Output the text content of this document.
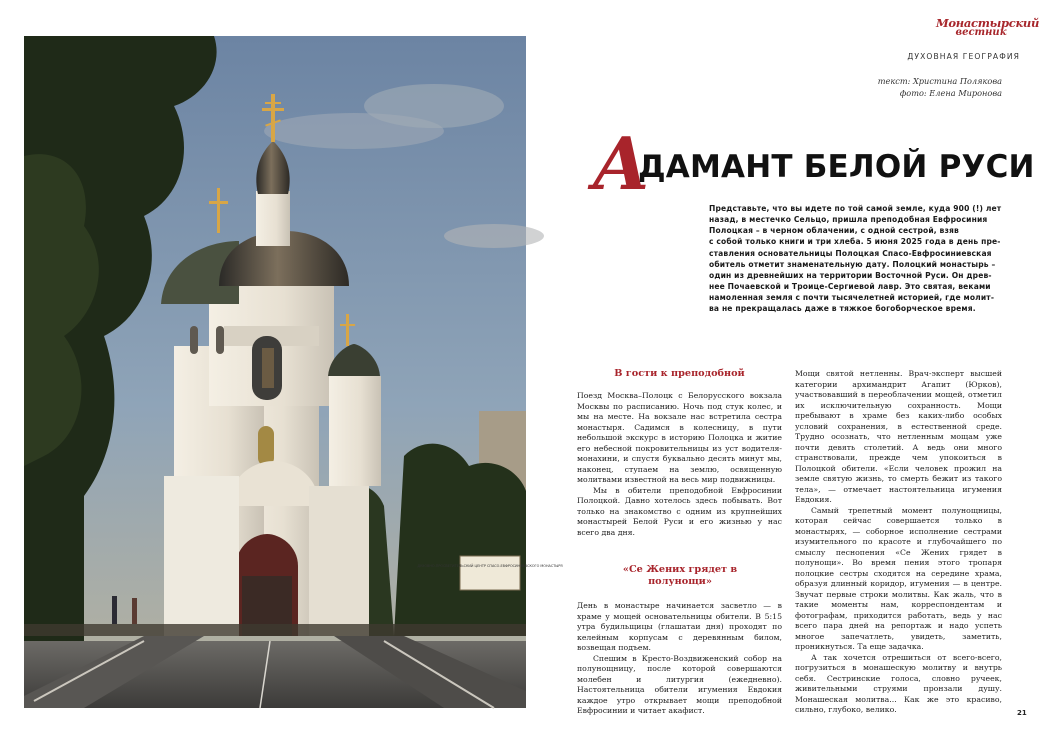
ДУХОВНО-ПРОСВЕТИТЕЛЬСКИЙ ЦЕНТР СПАСО-ЕВФРОСИНИЕВСКОГО МОНАСТЫРЯ
Монастырский
вестник
ДУХОВНАЯ ГЕОГРАФИЯ
текст: Христина Полякова
фото: Елена Миронова
А
ДАМАНТ БЕЛОЙ РУСИ
Представьте, что вы идете по той самой земле, куда 900 (!) лет
назад, в местечко Сельцо, пришла преподобная Евфросиния
Полоцкая – в черном облачении, с одной сестрой, взяв
с собой только книги и три хлеба. 5 июня 2025 года в день пре-
ставления основательницы Полоцкая Спасо-Евфросиниевская
обитель отметит знаменательную дату. Полоцкий монастырь –
один из древнейших на территории Восточной Руси. Он древ-
нее Почаевской и Троице-Сергиевой лавр. Это святая, веками
намоленная земля с почти тысячелетней историей, где молит-
ва не прекращалась даже в тяжкое богоборческое время.
В гости к преподобной

Поезд Москва–Полоцк с Белорусского вокзала Москвы по расписанию. Ночь под стук колес, и мы на месте. На вокзале нас встретила сестра монастыря. Садимся в колесницу, в пути небольшой экскурс в историю Полоцка и житие его небесной покровительницы из уст водителя-монахини, и спустя буквально десять минут мы, наконец, ступаем на землю, освященную молитвами известной на весь мир подвижницы.

Мы в обители преподобной Евфросинии Полоцкой. Давно хотелось здесь побывать. Вот только на знакомство с одним из крупнейших монастырей Белой Руси и его жизнью у нас всего два дня.

«Се Жених грядет в полунощи»

День в монастыре начинается засветло — в храме у мощей основательницы обители. В 5:15 утра будильщицы (глашатаи дня) проходят по келейным корпусам с деревянным билом, возвещая подъем.

Спешим в Кресто-Воздвиженский собор на полунощницу, после которой совершаются молебен и литургия (ежедневно). Настоятельница обители игумения Евдокия каждое утро открывает мощи преподобной Евфросинии и читает акафист.

Мощи святой нетленны. Врач-эксперт высшей категории архимандрит Агапит (Юрков), участвовавший в переоблачении мощей, отметил их исключительную сохранность. Мощи пребывают в храме без каких-либо особых условий сохранения, в естественной среде. Трудно осознать, что нетленным мощам уже почти девять столетий. А ведь они много странствовали, прежде чем упокоиться в Полоцкой обители. «Если человек прожил на земле святую жизнь, то смерть бежит из такого тела», — отмечает настоятельница игумения Евдокия.

Самый трепетный момент полунощницы, которая сейчас совершается только в монастырях, — соборное исполнение сестрами изумительного по красоте и глубочайшего по смыслу песнопения «Се Жених грядет в полунощи». Во время пения этого тропаря полоцкие сестры сходятся на середине храма, образуя длинный коридор, игумения — в центре. Звучат первые строки молитвы. Как жаль, что в такие моменты нам, корреспондентам и фотографам, приходится работать, ведь у нас всего пара дней на репортаж и надо успеть многое запечатлеть, увидеть, заметить, проникнуться. Та еще задачка.

А так хочется отрешиться от всего-всего, погрузиться в монашескую молитву и внутрь себя. Сестринские голоса, словно ручеек, живительными струями пронзали душу. Монашеская молитва... Как же это красиво, сильно, глубоко, велико.	21
